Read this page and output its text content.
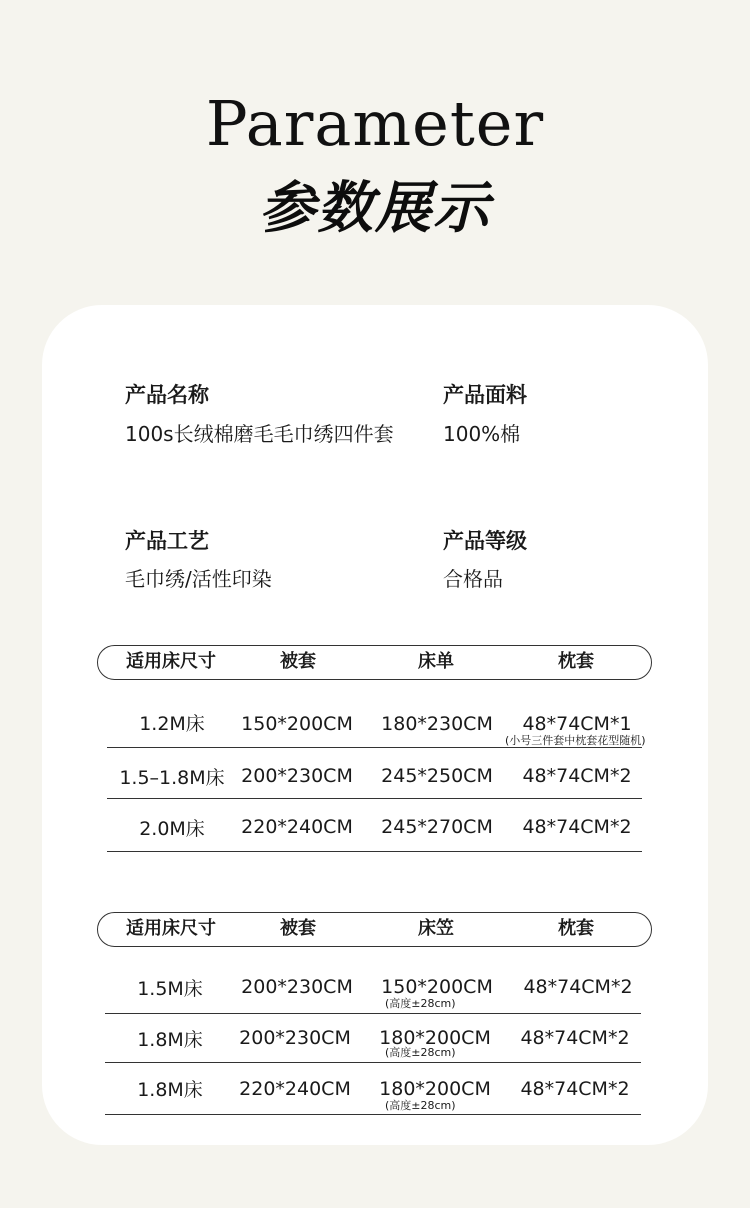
Parameter
参数展示
产品名称
100s长绒棉磨毛毛巾绣四件套
产品面料
100%棉
产品工艺
毛巾绣/活性印染
产品等级
合格品
适用床尺寸	被套	床单	枕套
1.2M床	150*200CM	180*230CM	48*74CM*1
(小号三件套中枕套花型随机)
1.5–1.8M床 200*230CM	245*250CM	48*74CM*2
2.0M床	220*240CM	245*270CM	48*74CM*2
适用床尺寸	被套	床笠	枕套
1.5M床	200*230CM	150*200CM	48*74CM*2
(高度±28cm)
1.8M床	200*230CM	180*200CM	48*74CM*2
(高度±28cm)
1.8M床	220*240CM	180*200CM	48*74CM*2
(高度±28cm)
